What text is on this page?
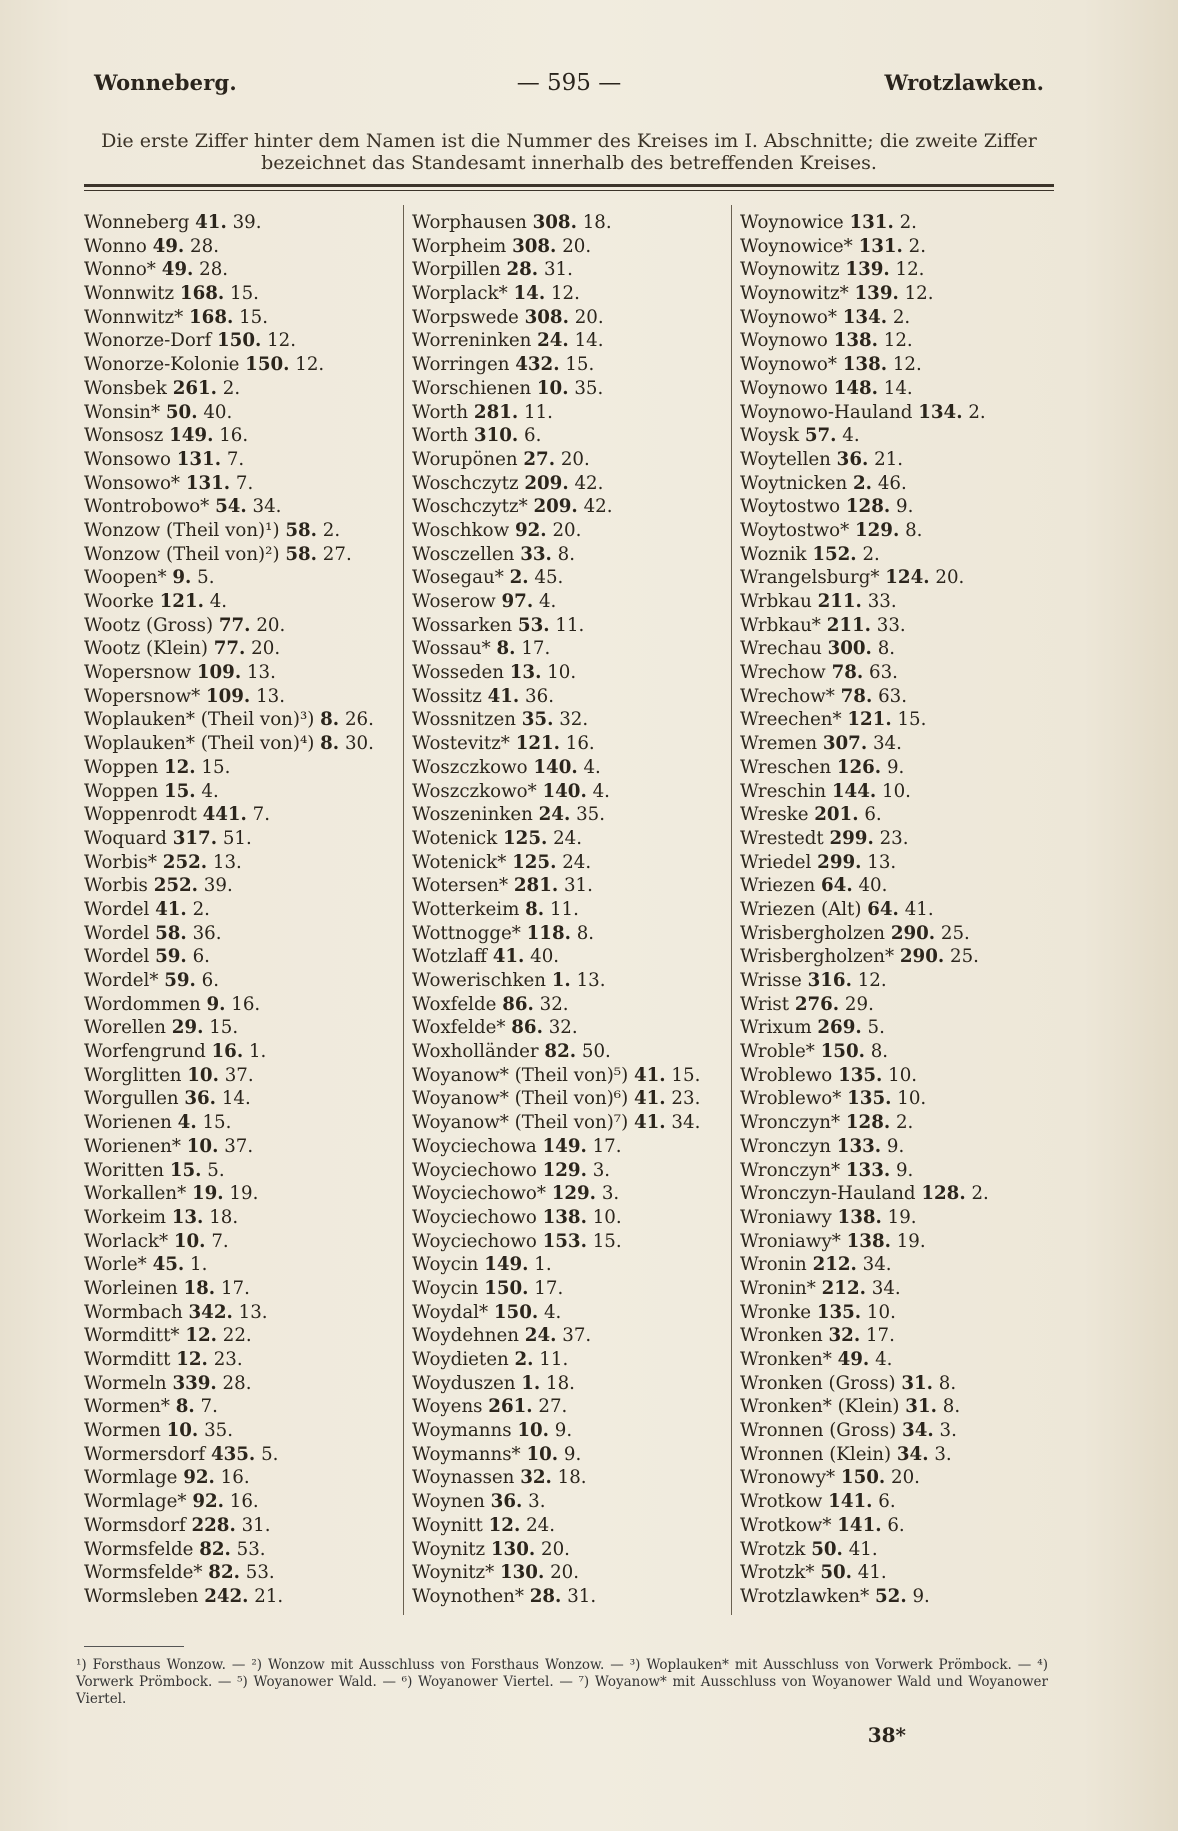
Wonneberg.	— 595 —	Wrotzlawken.
Die erste Ziffer hinter dem Namen ist die Nummer des Kreises im I. Abschnitte; die zweite Ziffer bezeichnet das Standesamt innerhalb des betreffenden Kreises.
Wonneberg 41. 39.
Wonno 49. 28.
Wonno* 49. 28.
Wonnwitz 168. 15.
Wonnwitz* 168. 15.
Wonorze-Dorf 150. 12.
Wonorze-Kolonie 150. 12.
Wonsbek 261. 2.
Wonsin* 50. 40.
Wonsosz 149. 16.
Wonsowo 131. 7.
Wonsowo* 131. 7.
Wontrobowo* 54. 34.
Wonzow (Theil von)¹) 58. 2.
Wonzow (Theil von)²) 58. 27.
Woopen* 9. 5.
Woorke 121. 4.
Wootz (Gross) 77. 20.
Wootz (Klein) 77. 20.
Wopersnow 109. 13.
Wopersnow* 109. 13.
Woplauken* (Theil von)³) 8. 26.
Woplauken* (Theil von)⁴) 8. 30.
Woppen 12. 15.
Woppen 15. 4.
Woppenrodt 441. 7.
Woquard 317. 51.
Worbis* 252. 13.
Worbis 252. 39.
Wordel 41. 2.
Wordel 58. 36.
Wordel 59. 6.
Wordel* 59. 6.
Wordommen 9. 16.
Worellen 29. 15.
Worfengrund 16. 1.
Worglitten 10. 37.
Worgullen 36. 14.
Worienen 4. 15.
Worienen* 10. 37.
Woritten 15. 5.
Workallen* 19. 19.
Workeim 13. 18.
Worlack* 10. 7.
Worle* 45. 1.
Worleinen 18. 17.
Wormbach 342. 13.
Wormditt* 12. 22.
Wormditt 12. 23.
Wormeln 339. 28.
Wormen* 8. 7.
Wormen 10. 35.
Wormersdorf 435. 5.
Wormlage 92. 16.
Wormlage* 92. 16.
Wormsdorf 228. 31.
Wormsfelde 82. 53.
Wormsfelde* 82. 53.
Wormsleben 242. 21.
Worphausen 308. 18.
Worpheim 308. 20.
Worpillen 28. 31.
Worplack* 14. 12.
Worpswede 308. 20.
Worreninken 24. 14.
Worringen 432. 15.
Worschienen 10. 35.
Worth 281. 11.
Worth 310. 6.
Worupönen 27. 20.
Woschczytz 209. 42.
Woschczytz* 209. 42.
Woschkow 92. 20.
Wosczellen 33. 8.
Wosegau* 2. 45.
Woserow 97. 4.
Wossarken 53. 11.
Wossau* 8. 17.
Wosseden 13. 10.
Wossitz 41. 36.
Wossnitzen 35. 32.
Wostevitz* 121. 16.
Woszczkowo 140. 4.
Woszczkowo* 140. 4.
Woszeninken 24. 35.
Wotenick 125. 24.
Wotenick* 125. 24.
Wotersen* 281. 31.
Wotterkeim 8. 11.
Wottnogge* 118. 8.
Wotzlaff 41. 40.
Wowerischken 1. 13.
Woxfelde 86. 32.
Woxfelde* 86. 32.
Woxholländer 82. 50.
Woyanow* (Theil von)⁵) 41. 15.
Woyanow* (Theil von)⁶) 41. 23.
Woyanow* (Theil von)⁷) 41. 34.
Woyciechowa 149. 17.
Woyciechowo 129. 3.
Woyciechowo* 129. 3.
Woyciechowo 138. 10.
Woyciechowo 153. 15.
Woycin 149. 1.
Woycin 150. 17.
Woydal* 150. 4.
Woydehnen 24. 37.
Woydieten 2. 11.
Woyduszen 1. 18.
Woyens 261. 27.
Woymanns 10. 9.
Woymanns* 10. 9.
Woynassen 32. 18.
Woynen 36. 3.
Woynitt 12. 24.
Woynitz 130. 20.
Woynitz* 130. 20.
Woynothen* 28. 31.
Woynowice 131. 2.
Woynowice* 131. 2.
Woynowitz 139. 12.
Woynowitz* 139. 12.
Woynowo* 134. 2.
Woynowo 138. 12.
Woynowo* 138. 12.
Woynowo 148. 14.
Woynowo-Hauland 134. 2.
Woysk 57. 4.
Woytellen 36. 21.
Woytnicken 2. 46.
Woytostwo 128. 9.
Woytostwo* 129. 8.
Woznik 152. 2.
Wrangelsburg* 124. 20.
Wrbkau 211. 33.
Wrbkau* 211. 33.
Wrechau 300. 8.
Wrechow 78. 63.
Wrechow* 78. 63.
Wreechen* 121. 15.
Wremen 307. 34.
Wreschen 126. 9.
Wreschin 144. 10.
Wreske 201. 6.
Wrestedt 299. 23.
Wriedel 299. 13.
Wriezen 64. 40.
Wriezen (Alt) 64. 41.
Wrisbergholzen 290. 25.
Wrisbergholzen* 290. 25.
Wrisse 316. 12.
Wrist 276. 29.
Wrixum 269. 5.
Wroble* 150. 8.
Wroblewo 135. 10.
Wroblewo* 135. 10.
Wronczyn* 128. 2.
Wronczyn 133. 9.
Wronczyn* 133. 9.
Wronczyn-Hauland 128. 2.
Wroniawy 138. 19.
Wroniawy* 138. 19.
Wronin 212. 34.
Wronin* 212. 34.
Wronke 135. 10.
Wronken 32. 17.
Wronken* 49. 4.
Wronken (Gross) 31. 8.
Wronken* (Klein) 31. 8.
Wronnen (Gross) 34. 3.
Wronnen (Klein) 34. 3.
Wronowy* 150. 20.
Wrotkow 141. 6.
Wrotkow* 141. 6.
Wrotzk 50. 41.
Wrotzk* 50. 41.
Wrotzlawken* 52. 9.
¹) Forsthaus Wonzow. — ²) Wonzow mit Ausschluss von Forsthaus Wonzow. — ³) Woplauken* mit Ausschluss von Vorwerk Prömbock. — ⁴) Vorwerk Prömbock. — ⁵) Woyanower Wald. — ⁶) Woyanower Viertel. — ⁷) Woyanow* mit Ausschluss von Woyanower Wald und Woyanower Viertel.
38*
